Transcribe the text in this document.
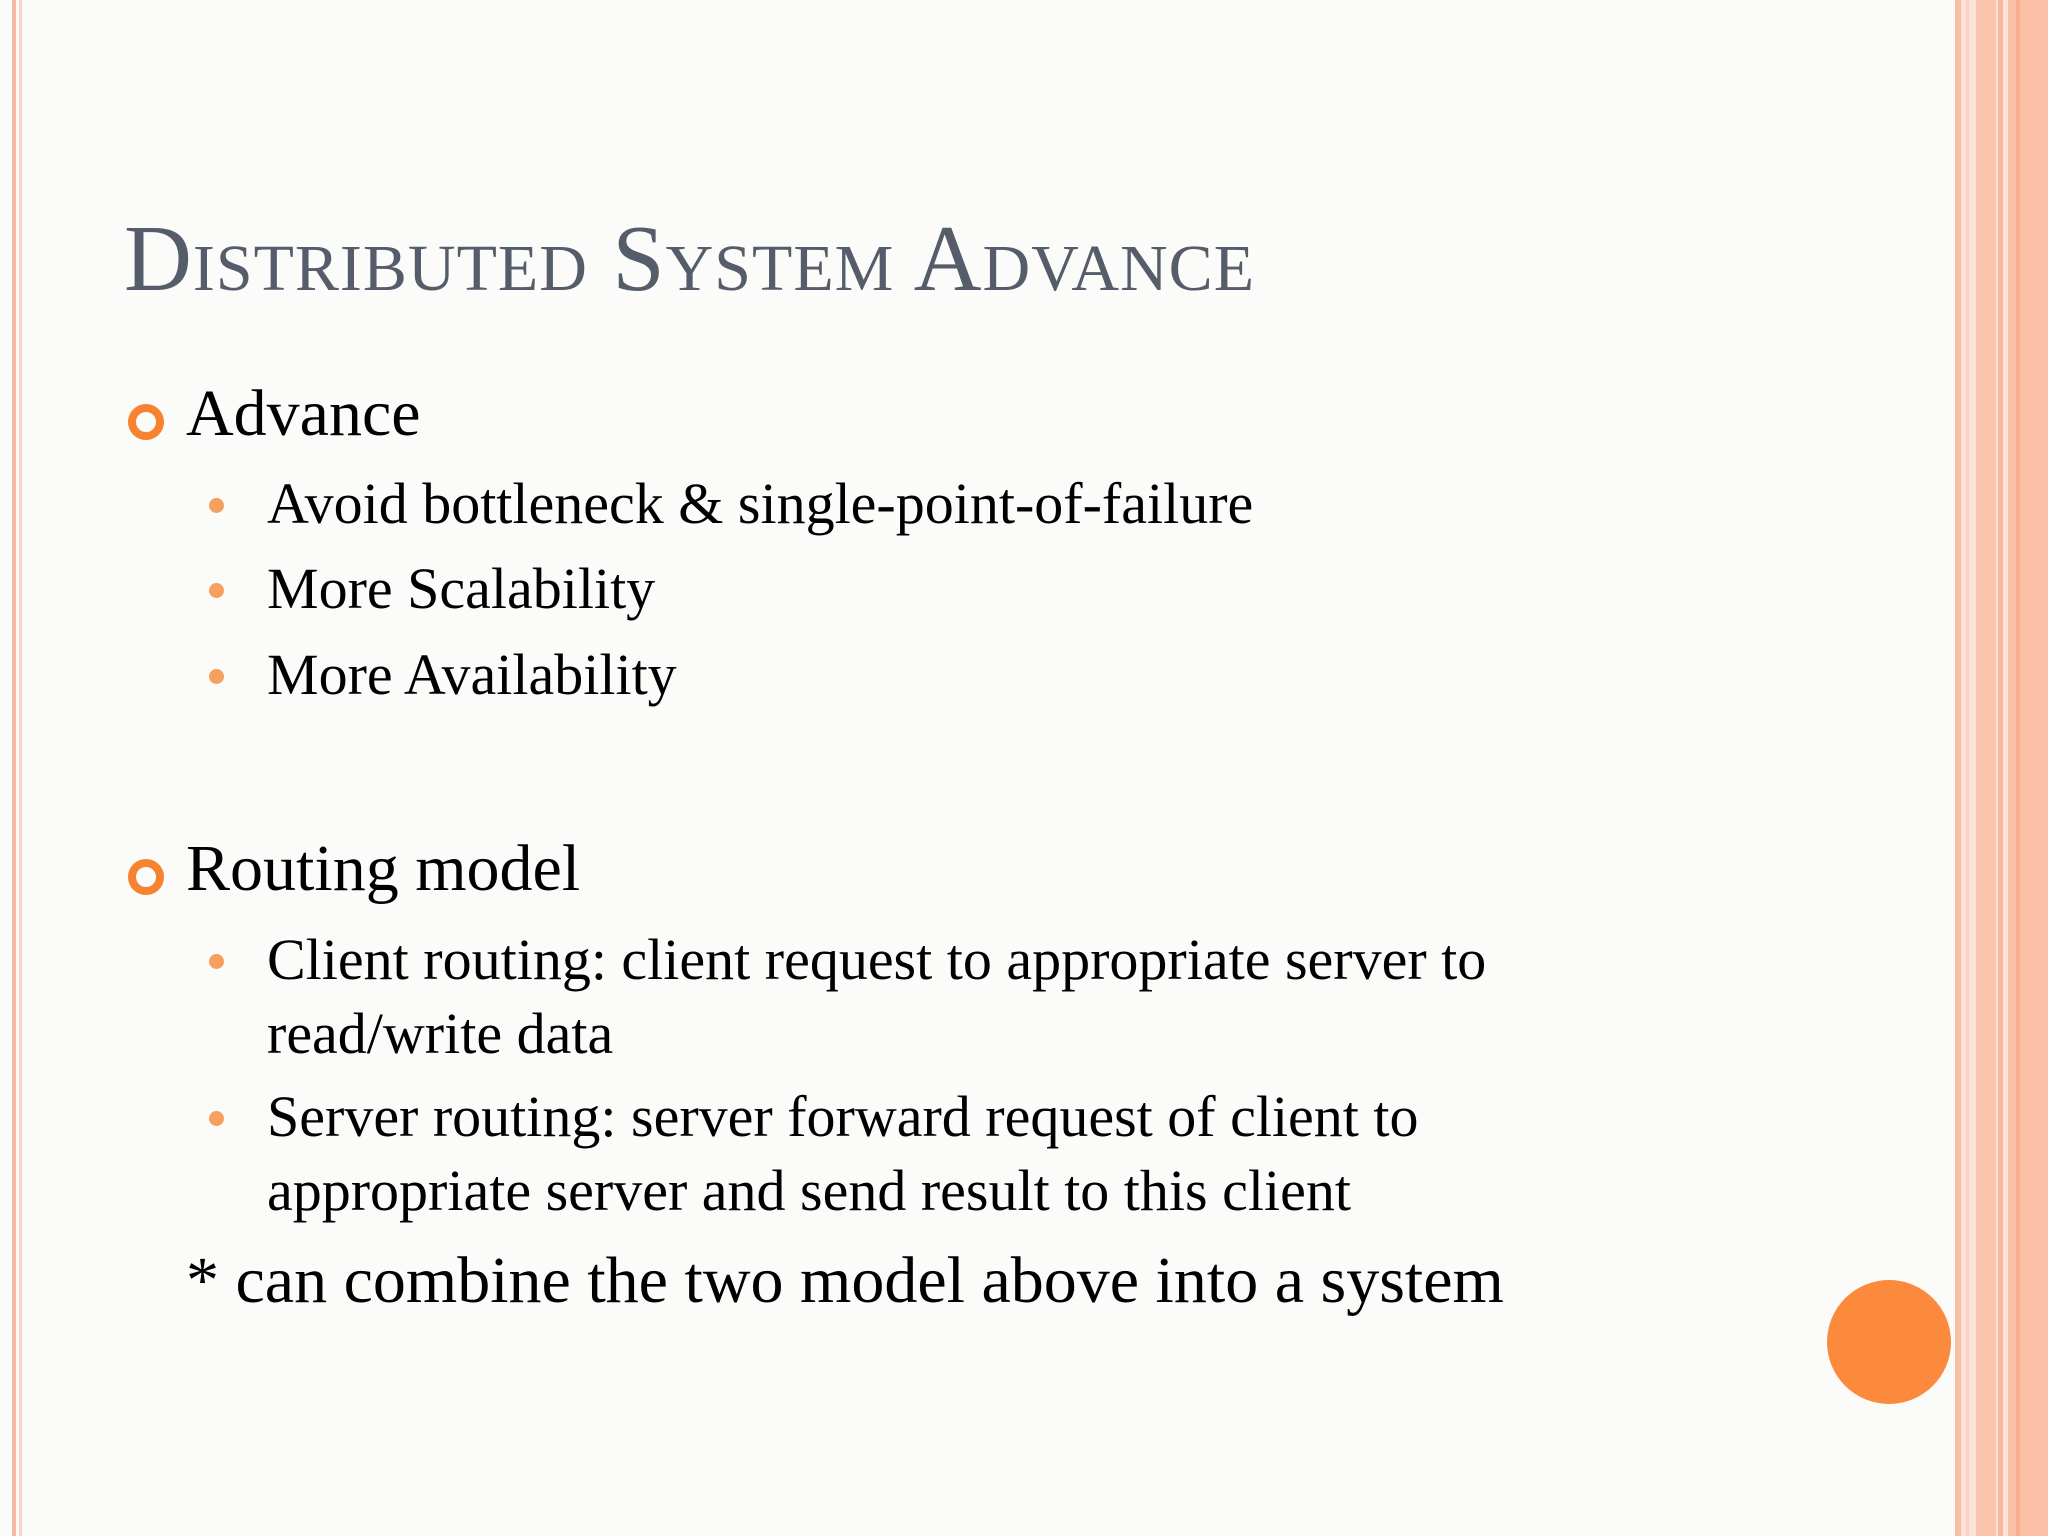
Distributed System Advance
Advance
Avoid bottleneck & single-point-of-failure
More Scalability
More Availability
Routing model
Client routing: client request to appropriate server to
read/write data
Server routing: server forward request of client to
appropriate server and send result to this client
* can combine the two model above into a system
